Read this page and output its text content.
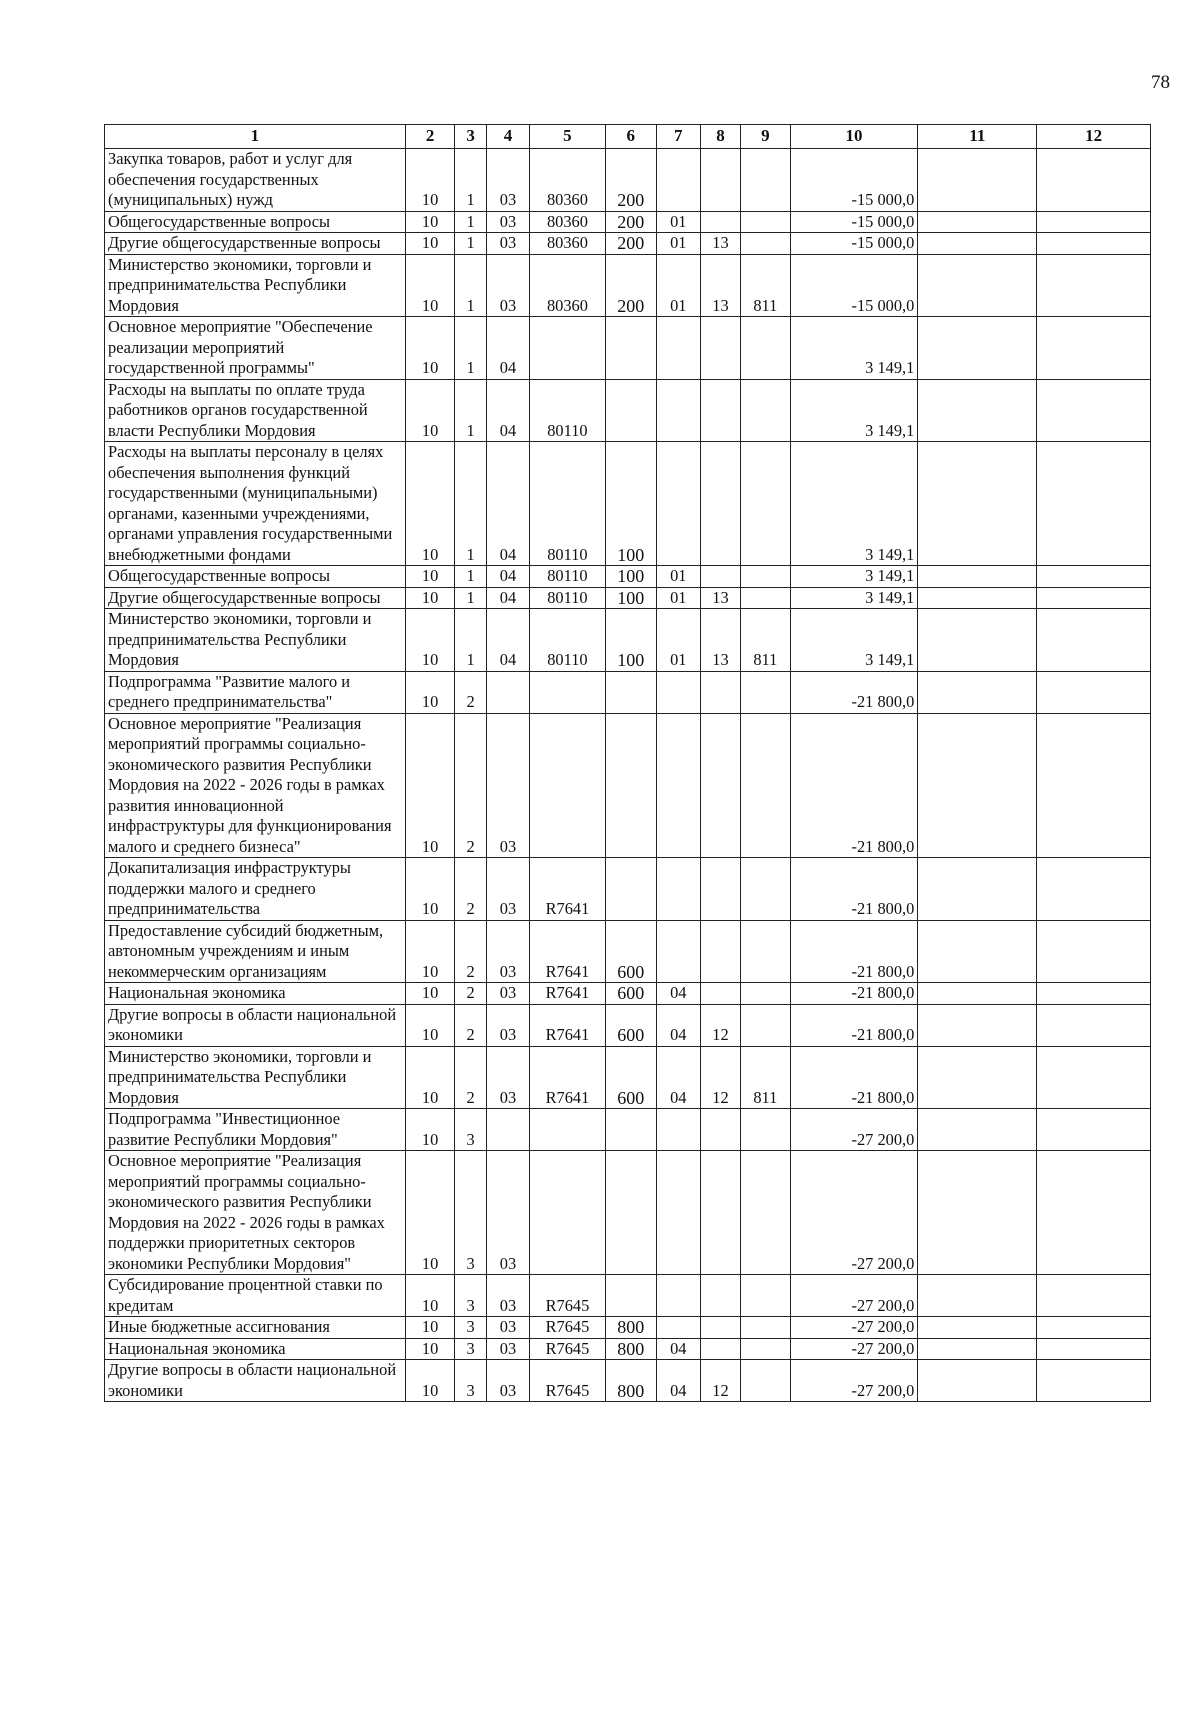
78
1	2	3	4	5	6	7	8	9	10	11	12
Закупка товаров, работ и услуг для обеспечения государственных (муниципальных) нужд	10	1	03	80360	200				-15 000,0		
Общегосударственные вопросы	10	1	03	80360	200	01			-15 000,0		
Другие общегосударственные вопросы	10	1	03	80360	200	01	13		-15 000,0		
Министерство экономики, торговли и предпринимательства Республики Мордовия	10	1	03	80360	200	01	13	811	-15 000,0		
Основное мероприятие "Обеспечение реализации мероприятий государственной программы"	10	1	04						3 149,1		
Расходы на выплаты по оплате труда работников органов государственной власти Республики Мордовия	10	1	04	80110					3 149,1		
Расходы на выплаты персоналу в целях обеспечения выполнения функций государственными (муниципальными) органами, казенными учреждениями, органами управления государственными внебюджетными фондами	10	1	04	80110	100				3 149,1		
Общегосударственные вопросы	10	1	04	80110	100	01			3 149,1		
Другие общегосударственные вопросы	10	1	04	80110	100	01	13		3 149,1		
Министерство экономики, торговли и предпринимательства Республики Мордовия	10	1	04	80110	100	01	13	811	3 149,1		
Подпрограмма "Развитие малого и среднего предпринимательства"	10	2							-21 800,0		
Основное мероприятие "Реализация мероприятий программы социально-экономического развития Республики Мордовия на 2022 - 2026 годы в рамках развития инновационной инфраструктуры для функционирования малого и среднего бизнеса"	10	2	03						-21 800,0		
Докапитализация инфраструктуры поддержки малого и среднего предпринимательства	10	2	03	R7641					-21 800,0		
Предоставление субсидий бюджетным, автономным учреждениям и иным некоммерческим организациям	10	2	03	R7641	600				-21 800,0		
Национальная экономика	10	2	03	R7641	600	04			-21 800,0		
Другие вопросы в области национальной экономики	10	2	03	R7641	600	04	12		-21 800,0		
Министерство экономики, торговли и предпринимательства Республики Мордовия	10	2	03	R7641	600	04	12	811	-21 800,0		
Подпрограмма "Инвестиционное развитие Республики Мордовия"	10	3							-27 200,0		
Основное мероприятие "Реализация мероприятий программы социально-экономического развития Республики Мордовия на 2022 - 2026 годы в рамках поддержки приоритетных секторов экономики Республики Мордовия"	10	3	03						-27 200,0		
Субсидирование процентной ставки по кредитам	10	3	03	R7645					-27 200,0		
Иные бюджетные ассигнования	10	3	03	R7645	800				-27 200,0		
Национальная экономика	10	3	03	R7645	800	04			-27 200,0		
Другие вопросы в области национальной экономики	10	3	03	R7645	800	04	12		-27 200,0		
